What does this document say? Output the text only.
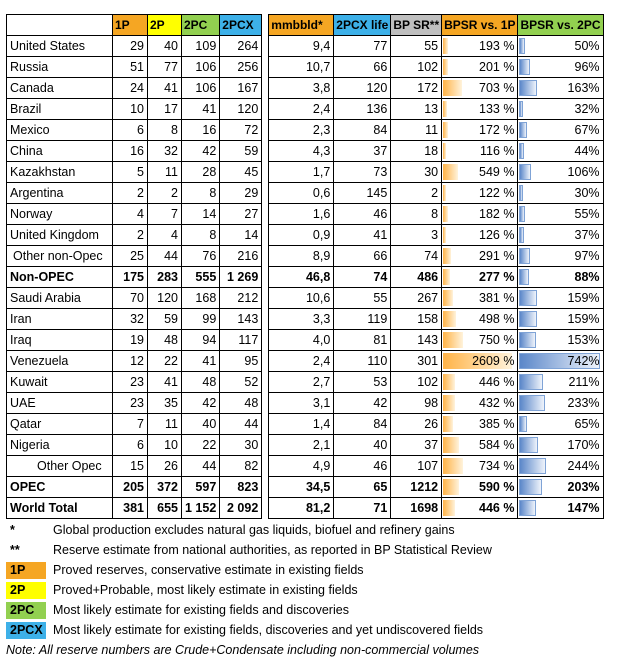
	1P	2P	2PC	2PCX		mmbbld*	2PCX life	BP SR**	BPSR vs. 1P	BPSR vs. 2PC
United States	29	40	109	264		9,4	77	55	193 %	50%

Russia	51	77	106	256		10,7	66	102	201 %	96%

Canada	24	41	106	167		3,8	120	172	703 %	163%

Brazil	10	17	41	120		2,4	136	13	133 %	32%

Mexico	6	8	16	72		2,3	84	11	172 %	67%

China	16	32	42	59		4,3	37	18	116 %	44%

Kazakhstan	5	11	28	45		1,7	73	30	549 %	106%

Argentina	2	2	8	29		0,6	145	2	122 %	30%

Norway	4	7	14	27		1,6	46	8	182 %	55%

United Kingdom	2	4	8	14		0,9	41	3	126 %	37%

Other non-Opec	25	44	76	216		8,9	66	74	291 %	97%

Non-OPEC	175	283	555	1 269		46,8	74	486	277 %	88%

Saudi Arabia	70	120	168	212		10,6	55	267	381 %	159%

Iran	32	59	99	143		3,3	119	158	498 %	159%

Iraq	19	48	94	117		4,0	81	143	750 %	153%

Venezuela	12	22	41	95		2,4	110	301	2609 %	742%

Kuwait	23	41	48	52		2,7	53	102	446 %	211%

UAE	23	35	42	48		3,1	42	98	432 %	233%

Qatar	7	11	40	44		1,4	84	26	385 %	65%

Nigeria	6	10	22	30		2,1	40	37	584 %	170%

Other Opec	15	26	44	82		4,9	46	107	734 %	244%

OPEC	205	372	597	823		34,5	65	1212	590 %	203%

World Total	381	655	1 152	2 092		81,2	71	1698	446 %	147%
*	Global production excludes natural gas liquids, biofuel and refinery gains
**	Reserve estimate from national authorities, as reported in BP Statistical Review
1P	Proved reserves, conservative estimate in existing fields
2P	Proved+Probable, most likely estimate in existing fields
2PC	Most likely estimate for existing fields and discoveries
2PCX Most likely estimate for existing fields, discoveries and yet undiscovered fields
Note: All reserve numbers are Crude+Condensate including non-commercial volumes
